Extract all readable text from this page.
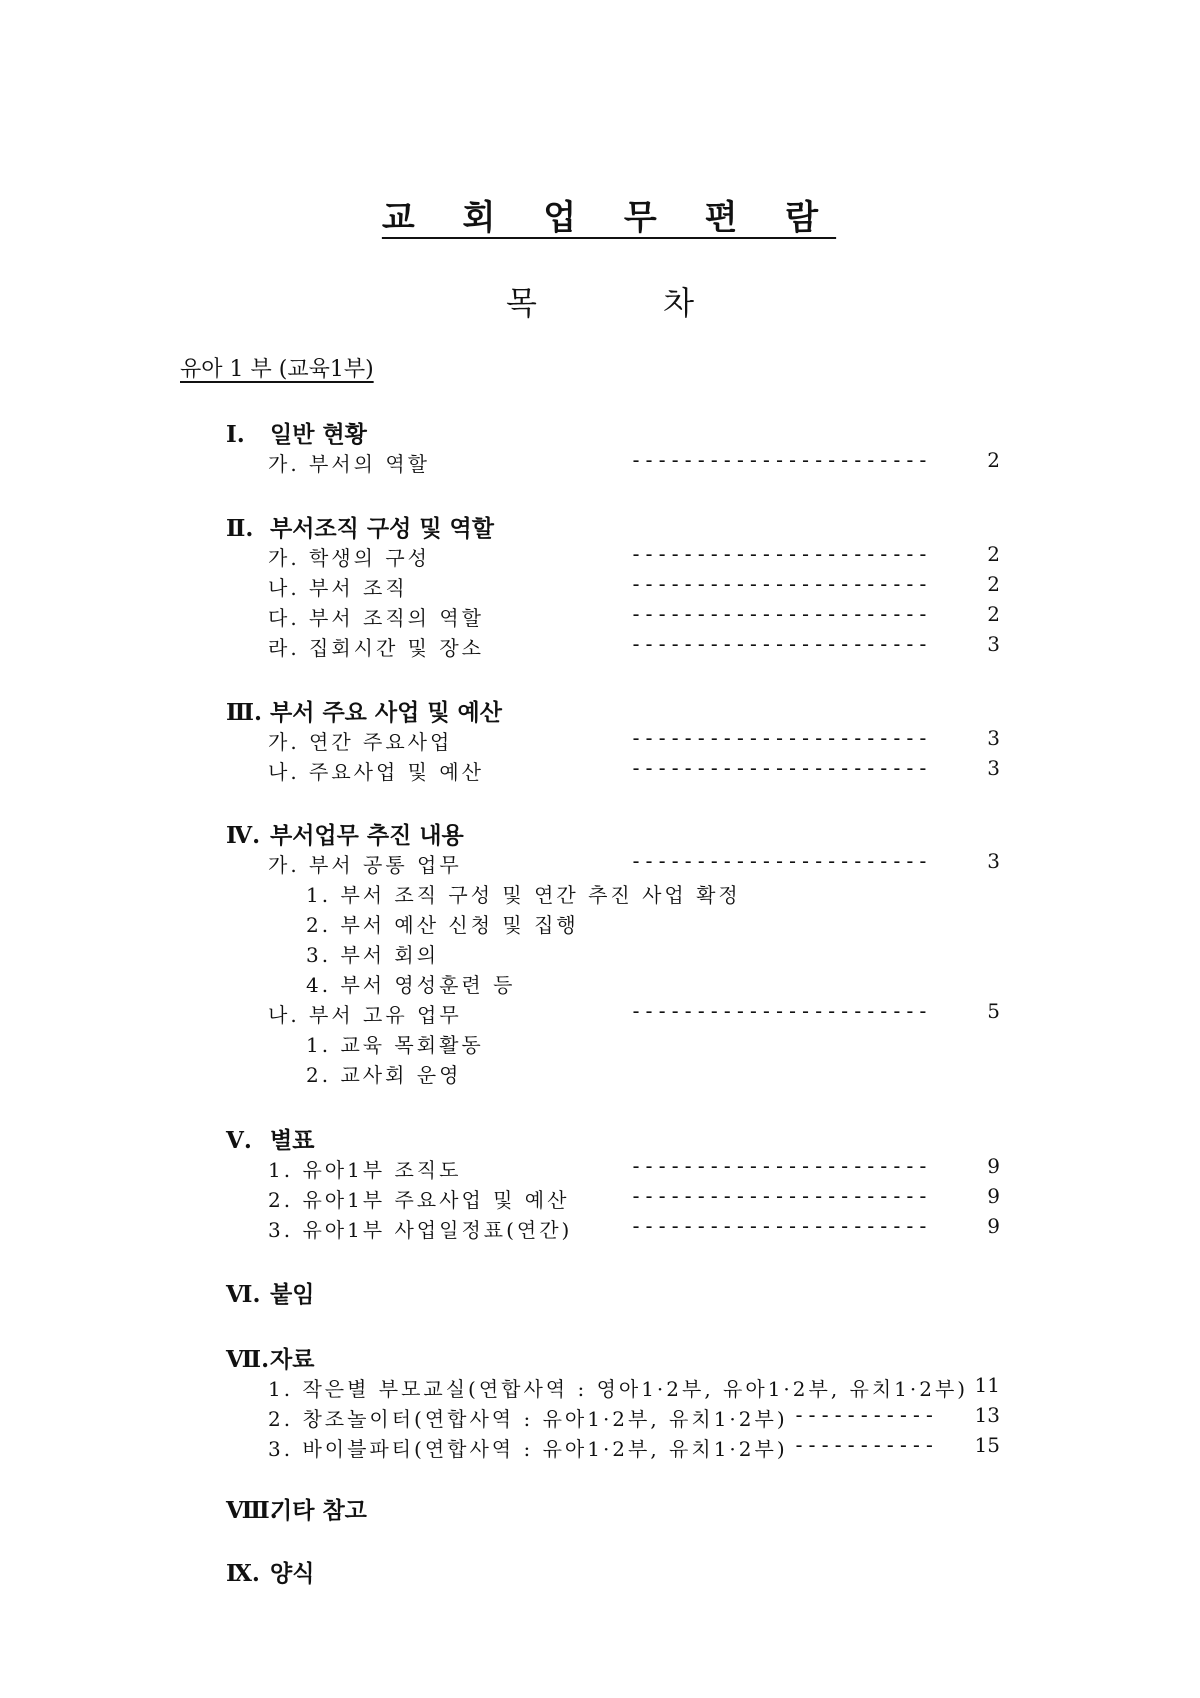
교 회 업 무 편 람
목 차
유아 1 부 (교육1부)
Ⅰ. 일반 현황
가. 부서의 역할	-----------------------	2
Ⅱ. 부서조직 구성 및 역할
가. 학생의 구성	-----------------------	2
나. 부서 조직	-----------------------	2
다. 부서 조직의 역할	-----------------------	2
라. 집회시간 및 장소	-----------------------	3
Ⅲ. 부서 주요 사업 및 예산
가. 연간 주요사업	-----------------------	3
나. 주요사업 및 예산	-----------------------	3
Ⅳ. 부서업무 추진 내용
가. 부서 공통 업무	-----------------------	3
1. 부서 조직 구성 및 연간 추진 사업 확정
2. 부서 예산 신청 및 집행
3. 부서 회의
4. 부서 영성훈련 등
나. 부서 고유 업무	-----------------------	5
1. 교육 목회활동
2. 교사회 운영
Ⅴ. 별표
1. 유아1부 조직도	-----------------------	9
2. 유아1부 주요사업 및 예산	-----------------------	9
3. 유아1부 사업일정표(연간)	-----------------------	9
Ⅵ. 붙임
Ⅶ.자료
1. 작은별 부모교실(연합사역 : 영아1·2부, 유아1·2부, 유치1·2부) 11
2. 창조놀이터(연합사역 : 유아1·2부, 유치1·2부) -----------	13
3. 바이블파티(연합사역 : 유아1·2부, 유치1·2부) -----------	15
Ⅷ.기타 참고
Ⅸ. 양식
